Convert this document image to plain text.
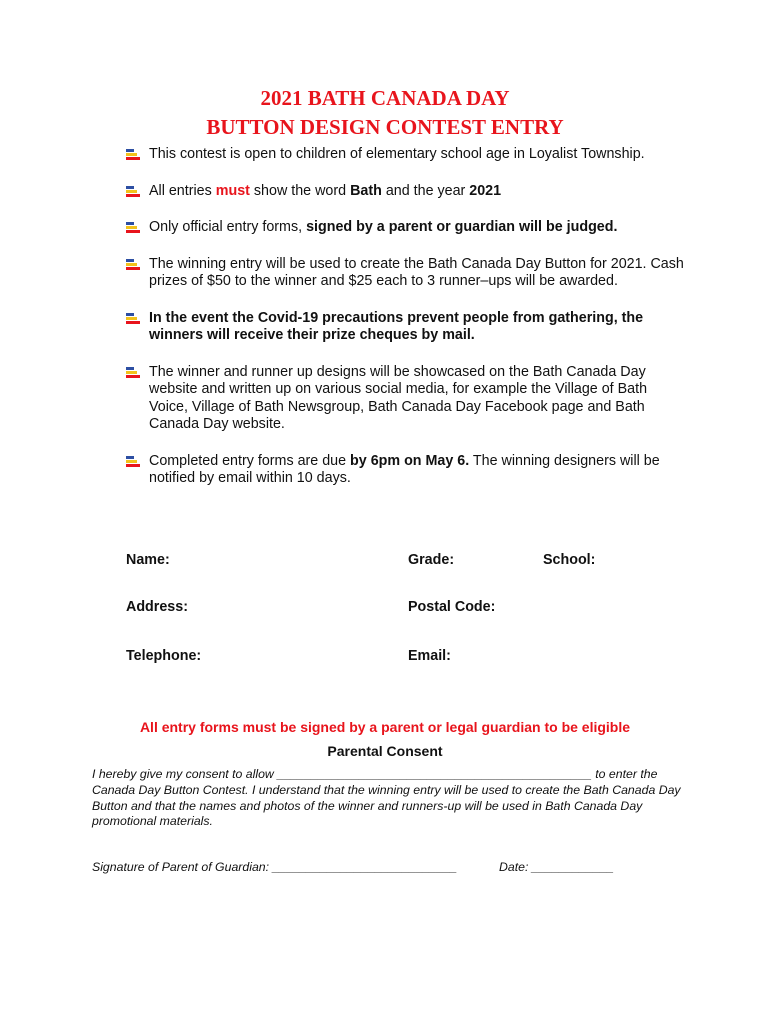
2021 BATH CANADA DAY
BUTTON DESIGN CONTEST ENTRY
This contest is open to children of elementary school age in Loyalist Township.
All entries must show the word Bath and the year 2021
Only official entry forms, signed by a parent or guardian will be judged.
The winning entry will be used to create the Bath Canada Day Button for 2021. Cash prizes of $50 to the winner and $25 each to 3 runner–ups will be awarded.
In the event the Covid-19 precautions prevent people from gathering, the winners will receive their prize cheques by mail.
The winner and runner up designs will be showcased on the Bath Canada Day website and written up on various social media, for example the Village of Bath Voice, Village of Bath Newsgroup, Bath Canada Day Facebook page and Bath Canada Day website.
Completed entry forms are due by 6pm on May 6. The winning designers will be notified by email within 10 days.
Name:	Grade:	School:
Address:	Postal Code:
Telephone:	Email:
All entry forms must be signed by a parent or legal guardian to be eligible
Parental Consent
I hereby give my consent to allow ______________________________________________ to enter the Canada Day Button Contest. I understand that the winning entry will be used to create the Bath Canada Day Button and that the names and photos of the winner and runners-up will be used in Bath Canada Day promotional materials.
Signature of Parent of Guardian: ___________________________	Date: ____________
